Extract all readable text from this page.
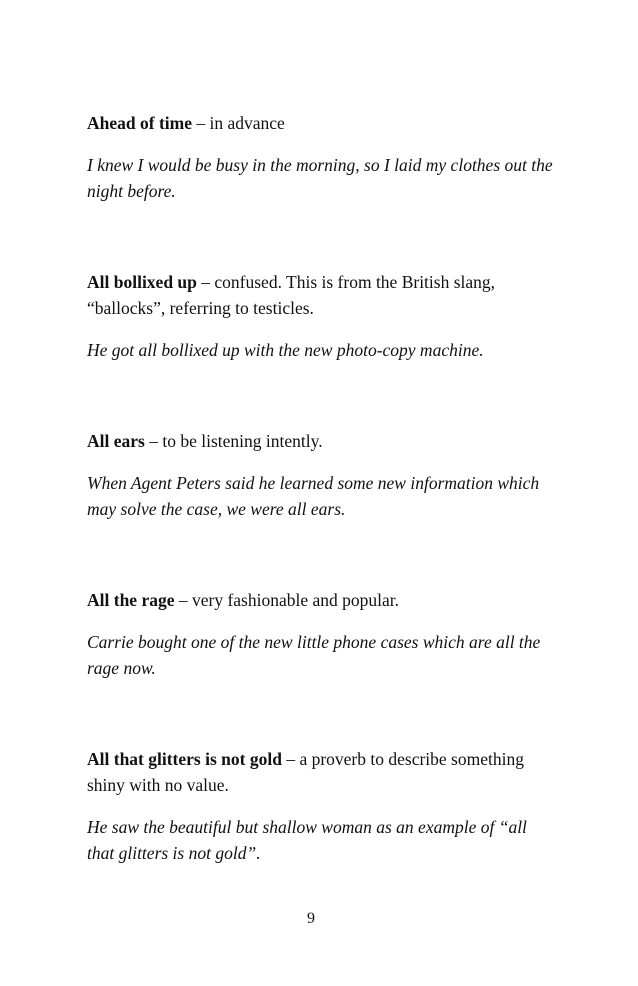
Ahead of time – in advance

I knew I would be busy in the morning, so I laid my clothes out the night before.

All bollixed up – confused. This is from the British slang, “ballocks”, referring to testicles.

He got all bollixed up with the new photo-copy machine.

All ears – to be listening intently.

When Agent Peters said he learned some new information which may solve the case, we were all ears.

All the rage – very fashionable and popular.

Carrie bought one of the new little phone cases which are all the rage now.

All that glitters is not gold – a proverb to describe something shiny with no value.

He saw the beautiful but shallow woman as an example of “all that glitters is not gold”.

9
